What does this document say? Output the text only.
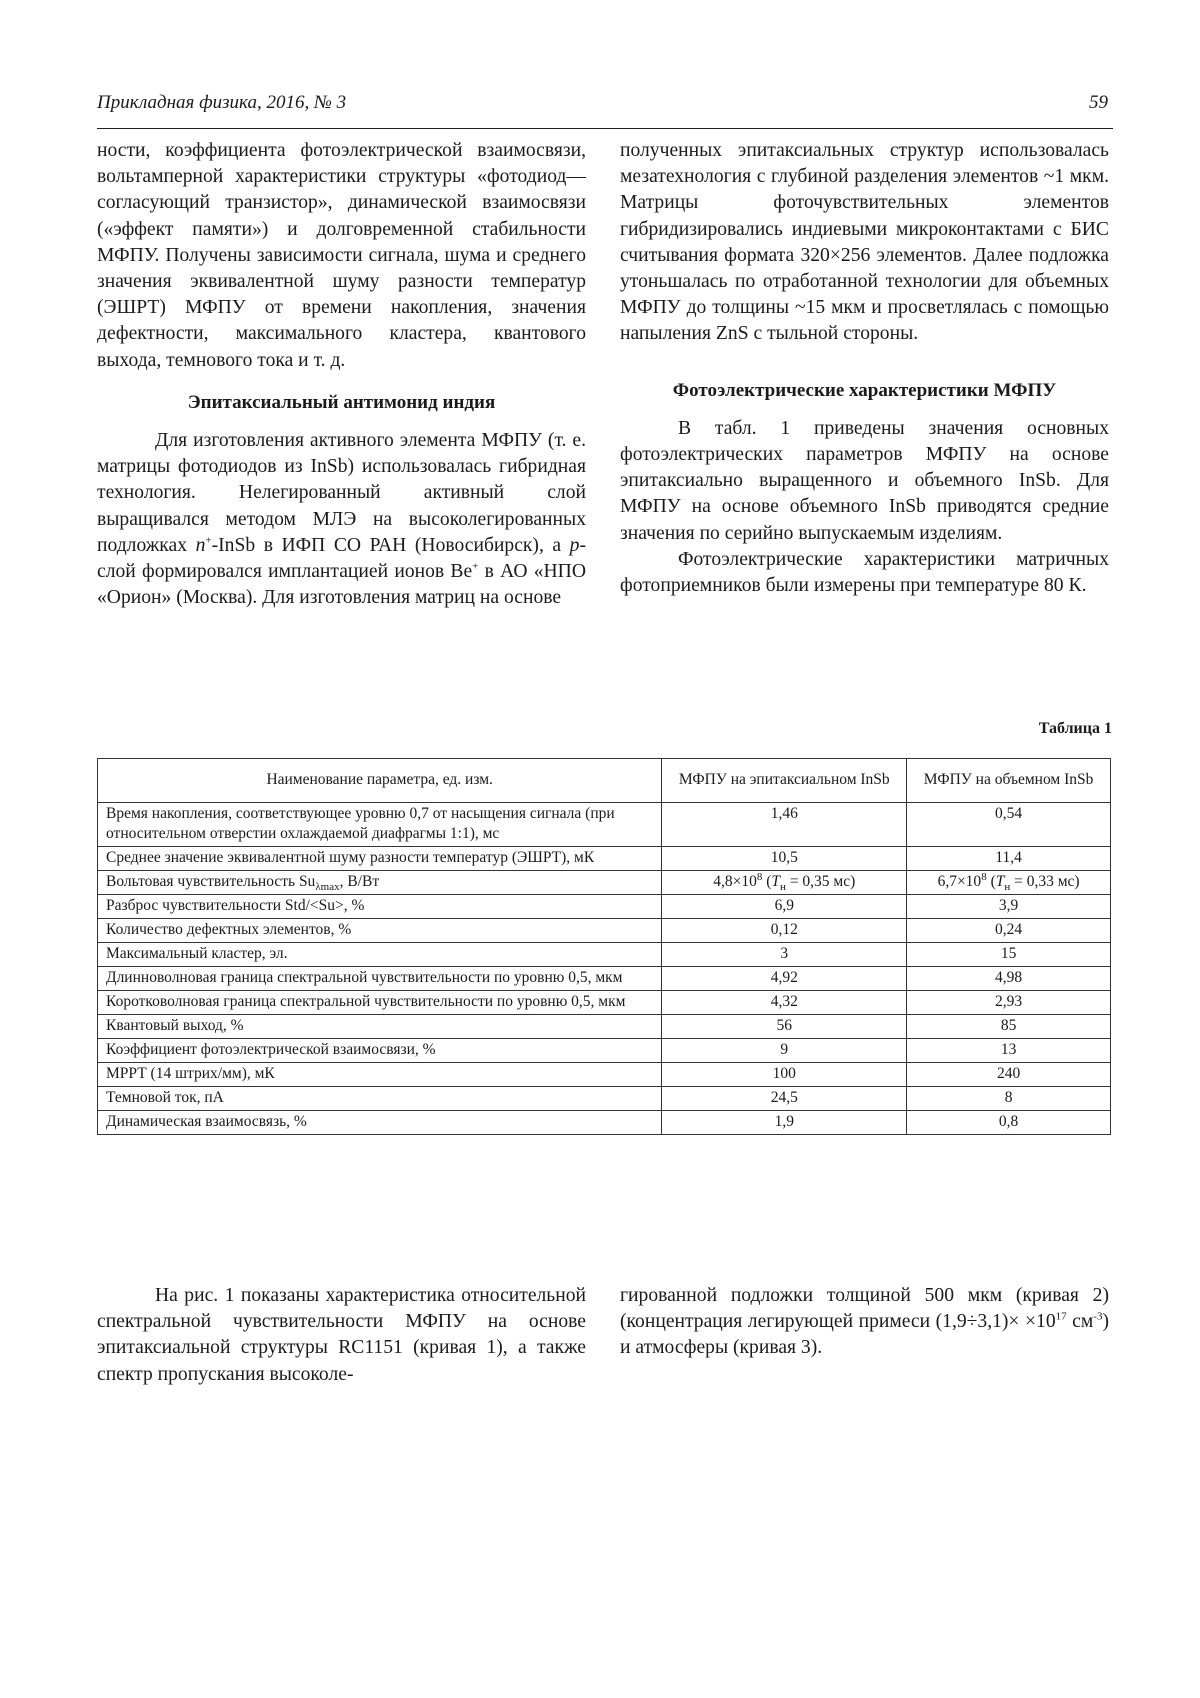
Прикладная физика, 2016, № 3	59

ности, коэффициента фотоэлектрической взаимосвязи, вольтамперной характеристики структуры «фотодиод—согласующий транзистор», динамической взаимосвязи («эффект памяти») и долговременной стабильности МФПУ. Получены зависимости сигнала, шума и среднего значения эквивалентной шуму разности температур (ЭШРТ) МФПУ от времени накопления, значения дефектности, максимального кластера, квантового выхода, темнового тока и т. д.

Эпитаксиальный антимонид индия

Для изготовления активного элемента МФПУ (т. е. матрицы фотодиодов из InSb) использовалась гибридная технология. Нелегированный активный слой выращивался методом МЛЭ на высоколегированных подложках n+-InSb в ИФП СО РАН (Новосибирск), а p-слой формировался имплантацией ионов Be+ в АО «НПО «Орион» (Москва). Для изготовления матриц на основе

полученных эпитаксиальных структур использовалась мезатехнология с глубиной разделения элементов ~1 мкм. Матрицы фоточувствительных элементов гибридизировались индиевыми микроконтактами с БИС считывания формата 320×256 элементов. Далее подложка утоньшалась по отработанной технологии для объемных МФПУ до толщины ~15 мкм и просветлялась с помощью напыления ZnS с тыльной стороны.

Фотоэлектрические характеристики МФПУ

В табл. 1 приведены значения основных фотоэлектрических параметров МФПУ на основе эпитаксиально выращенного и объемного InSb. Для МФПУ на основе объемного InSb приводятся средние значения по серийно выпускаемым изделиям.

Фотоэлектрические характеристики матричных фотоприемников были измерены при температуре 80 К.

Таблица 1
Наименование параметра, ед. изм.	МФПУ на эпитаксиальном InSb	МФПУ на объемном InSb
Время накопления, соответствующее уровню 0,7 от насыщения сигнала (при относительном отверстии охлаждаемой диафрагмы 1:1), мс	1,46	0,54
Среднее значение эквивалентной шуму разности температур (ЭШРТ), мК	10,5	11,4
Вольтовая чувствительность $Su_{\lambda max}$, В/Вт	$4,8\times 10^8$ ($T_н = 0,35$ мс)	$6,7\times 10^8$ ($T_н = 0,33$ мс)
Разброс чувствительности Std/<Su>, %	6,9	3,9
Количество дефектных элементов, %	0,12	0,24
Максимальный кластер, эл.	3	15
Длинноволновая граница спектральной чувствительности по уровню 0,5, мкм	4,92	4,98
Коротковолновая граница спектральной чувствительности по уровню 0,5, мкм	4,32	2,93
Квантовый выход, %	56	85
Коэффициент фотоэлектрической взаимосвязи, %	9	13
МРРТ (14 штрих/мм), мК	100	240
Темновой ток, пА	24,5	8
Динамическая взаимосвязь, %	1,9	0,8

На рис. 1 показаны характеристика относительной спектральной чувствительности МФПУ на основе эпитаксиальной структуры RC1151 (кривая 1), а также спектр пропускания высоколе-

гированной подложки толщиной 500 мкм (кривая 2) (концентрация легирующей примеси $(1,9\div 3,1)\times \times 10^{17}$ $см^{-3}$) и атмосферы (кривая 3).
